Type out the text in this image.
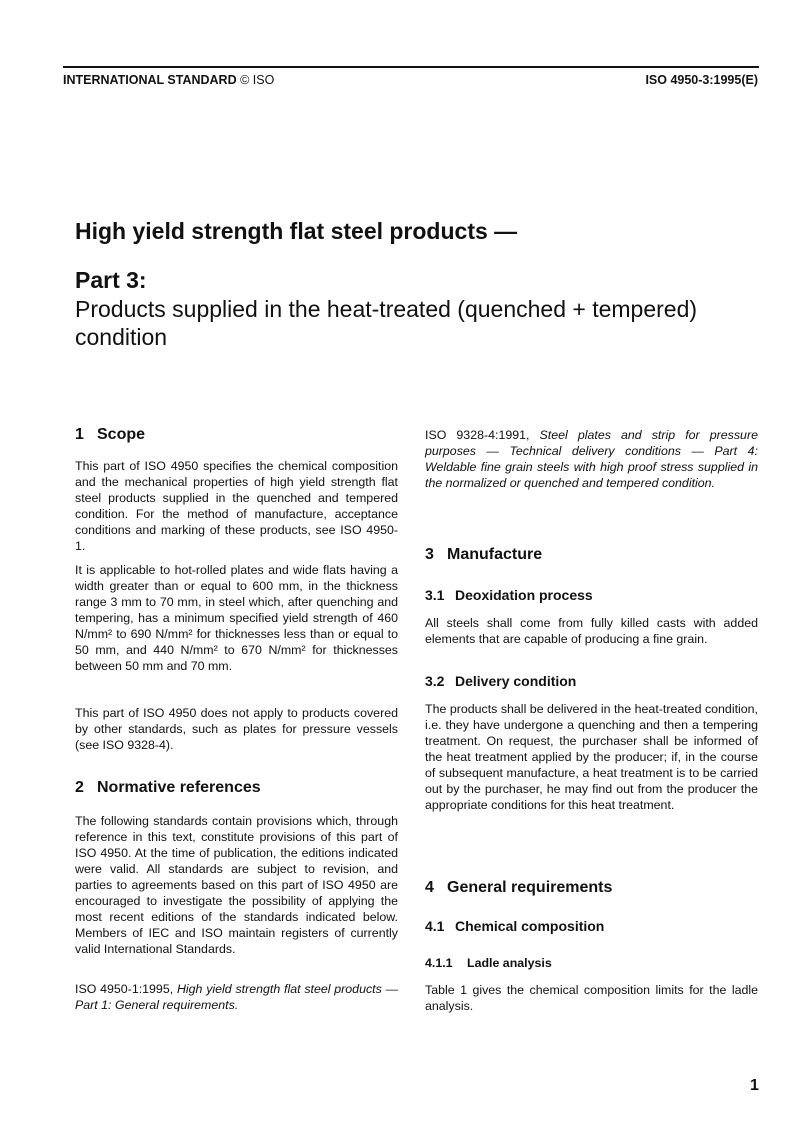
INTERNATIONAL STANDARD © ISO	ISO 4950-3:1995(E)
High yield strength flat steel products —
Part 3:
Products supplied in the heat-treated (quenched + tempered) condition
1 Scope

This part of ISO 4950 specifies the chemical composition and the mechanical properties of high yield strength flat steel products supplied in the quenched and tempered condition. For the method of manufacture, acceptance conditions and marking of these products, see ISO 4950-1.

It is applicable to hot-rolled plates and wide flats having a width greater than or equal to 600 mm, in the thickness range 3 mm to 70 mm, in steel which, after quenching and tempering, has a minimum specified yield strength of 460 N/mm² to 690 N/mm² for thicknesses less than or equal to 50 mm, and 440 N/mm² to 670 N/mm² for thicknesses between 50 mm and 70 mm.

This part of ISO 4950 does not apply to products covered by other standards, such as plates for pressure vessels (see ISO 9328-4).

2 Normative references

The following standards contain provisions which, through reference in this text, constitute provisions of this part of ISO 4950. At the time of publication, the editions indicated were valid. All standards are subject to revision, and parties to agreements based on this part of ISO 4950 are encouraged to investigate the possibility of applying the most recent editions of the standards indicated below. Members of IEC and ISO maintain registers of currently valid International Standards.

ISO 4950-1:1995, High yield strength flat steel products — Part 1: General requirements.

ISO 9328-4:1991, Steel plates and strip for pressure purposes — Technical delivery conditions — Part 4: Weldable fine grain steels with high proof stress supplied in the normalized or quenched and tempered condition.

3 Manufacture
3.1 Deoxidation process

All steels shall come from fully killed casts with added elements that are capable of producing a fine grain.

3.2 Delivery condition

The products shall be delivered in the heat-treated condition, i.e. they have undergone a quenching and then a tempering treatment. On request, the purchaser shall be informed of the heat treatment applied by the producer; if, in the course of subsequent manufacture, a heat treatment is to be carried out by the purchaser, he may find out from the producer the appropriate conditions for this heat treatment.

4 General requirements
4.1 Chemical composition
4.1.1 Ladle analysis

Table 1 gives the chemical composition limits for the ladle analysis.

1
